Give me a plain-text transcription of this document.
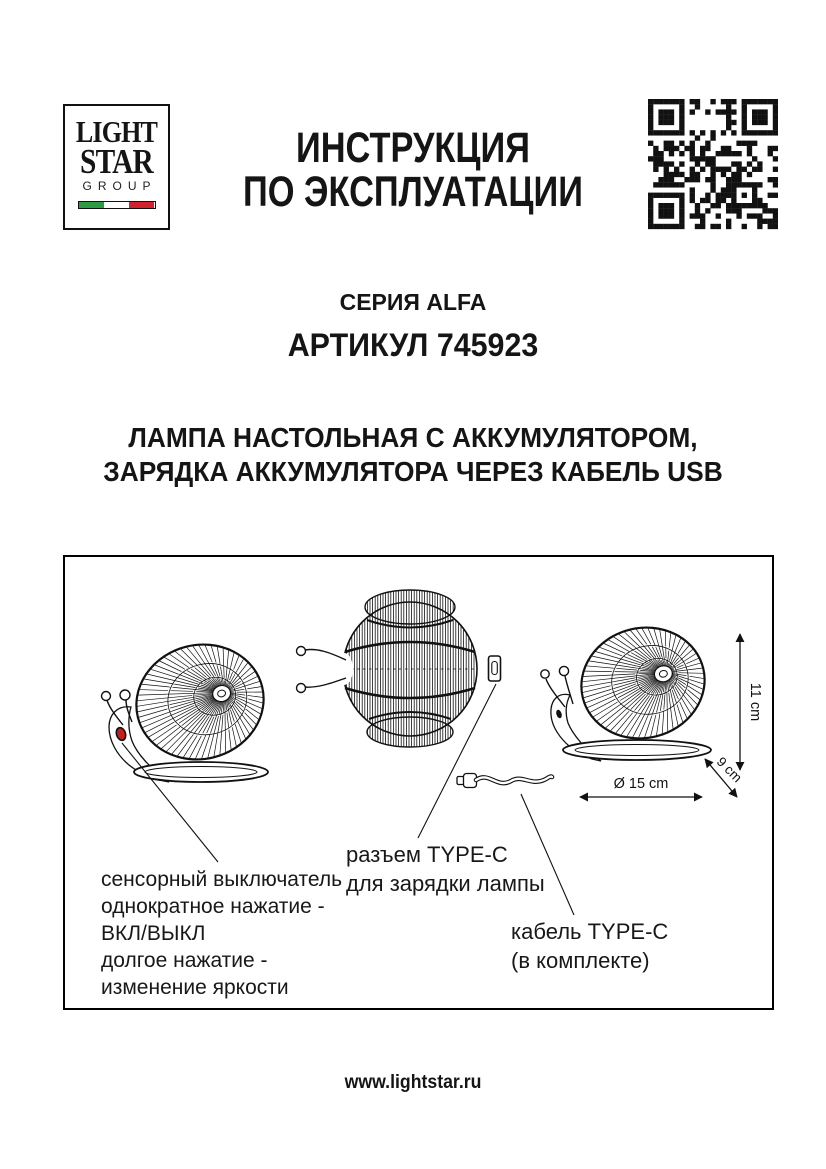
LIGHT
STAR
GROUP
ИНСТРУКЦИЯ
ПО ЭКСПЛУАТАЦИИ
СЕРИЯ ALFA
АРТИКУЛ 745923
ЛАМПА НАСТОЛЬНАЯ С АККУМУЛЯТОРОМ,
ЗАРЯДКА АККУМУЛЯТОРА ЧЕРЕЗ КАБЕЛЬ USB
11 cm
9 cm
Ø 15 cm
сенсорный выключатель
однократное нажатие -
ВКЛ/ВЫКЛ
долгое нажатие -
изменение яркости
разъем TYPE-C
для зарядки лампы
кабель TYPE-C
(в комплекте)
www.lightstar.ru
